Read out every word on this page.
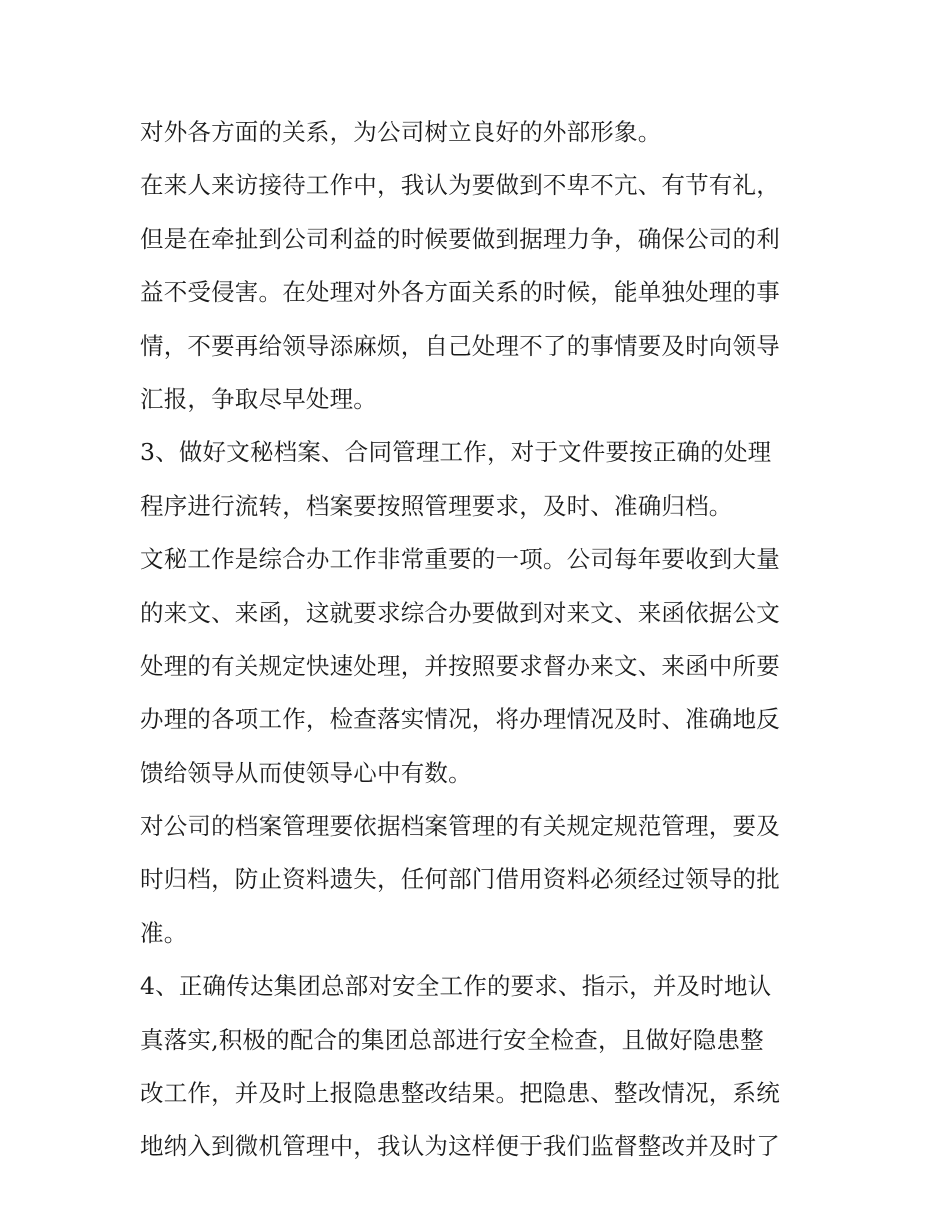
对外各方面的关系，为公司树立良好的外部形象。
在来人来访接待工作中，我认为要做到不卑不亢、有节有礼，
但是在牵扯到公司利益的时候要做到据理力争，确保公司的利
益不受侵害。在处理对外各方面关系的时候，能单独处理的事
情，不要再给领导添麻烦，自己处理不了的事情要及时向领导
汇报，争取尽早处理。
3、做好文秘档案、合同管理工作，对于文件要按正确的处理
程序进行流转，档案要按照管理要求，及时、准确归档。
文秘工作是综合办工作非常重要的一项。公司每年要收到大量
的来文、来函，这就要求综合办要做到对来文、来函依据公文
处理的有关规定快速处理，并按照要求督办来文、来函中所要
办理的各项工作，检查落实情况，将办理情况及时、准确地反
馈给领导从而使领导心中有数。
对公司的档案管理要依据档案管理的有关规定规范管理，要及
时归档，防止资料遗失，任何部门借用资料必须经过领导的批
准。
4、正确传达集团总部对安全工作的要求、指示，并及时地认
真落实,积极的配合的集团总部进行安全检查，且做好隐患整
改工作，并及时上报隐患整改结果。把隐患、整改情况，系统
地纳入到微机管理中，我认为这样便于我们监督整改并及时了
